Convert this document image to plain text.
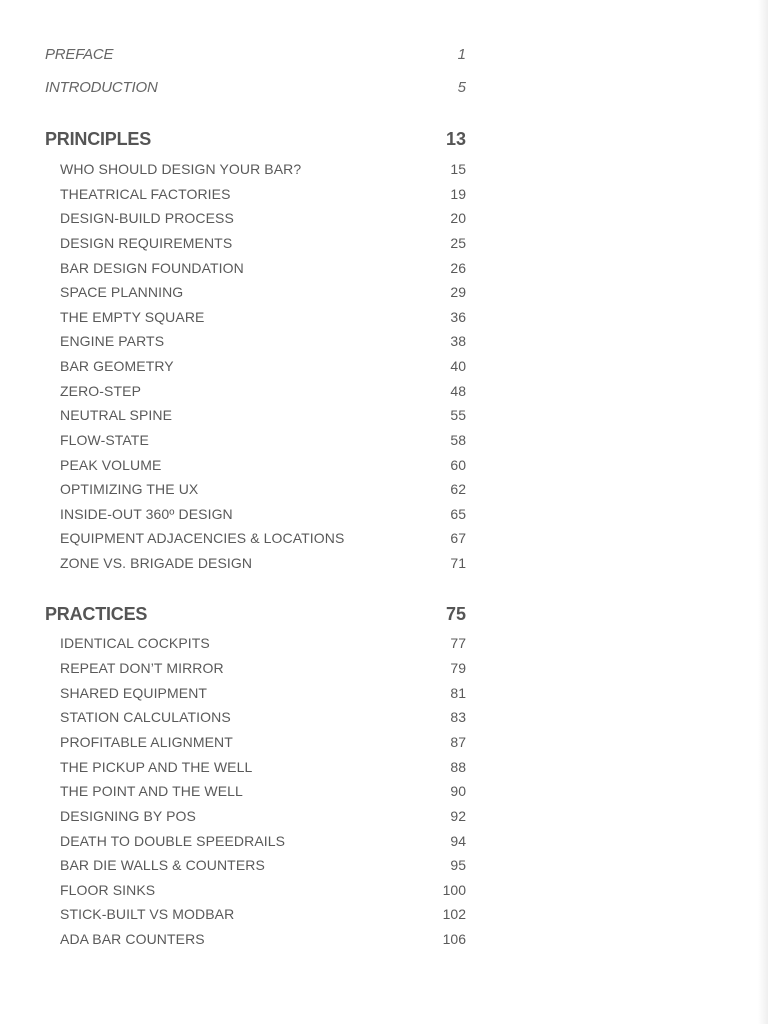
PREFACE	1
INTRODUCTION	5
PRINCIPLES	13
WHO SHOULD DESIGN YOUR BAR?	15
THEATRICAL FACTORIES	19
DESIGN-BUILD PROCESS	20
DESIGN REQUIREMENTS	25
BAR DESIGN FOUNDATION	26
SPACE PLANNING	29
THE EMPTY SQUARE	36
ENGINE PARTS	38
BAR GEOMETRY	40
ZERO-STEP	48
NEUTRAL SPINE	55
FLOW-STATE	58
PEAK VOLUME	60
OPTIMIZING THE UX	62
INSIDE-OUT 360º DESIGN	65
EQUIPMENT ADJACENCIES & LOCATIONS	67
ZONE VS. BRIGADE DESIGN	71
PRACTICES	75
IDENTICAL COCKPITS	77
REPEAT DON’T MIRROR	79
SHARED EQUIPMENT	81
STATION CALCULATIONS	83
PROFITABLE ALIGNMENT	87
THE PICKUP AND THE WELL	88
THE POINT AND THE WELL	90
DESIGNING BY POS	92
DEATH TO DOUBLE SPEEDRAILS	94
BAR DIE WALLS & COUNTERS	95
FLOOR SINKS	100
STICK-BUILT VS MODBAR	102
ADA BAR COUNTERS	106
